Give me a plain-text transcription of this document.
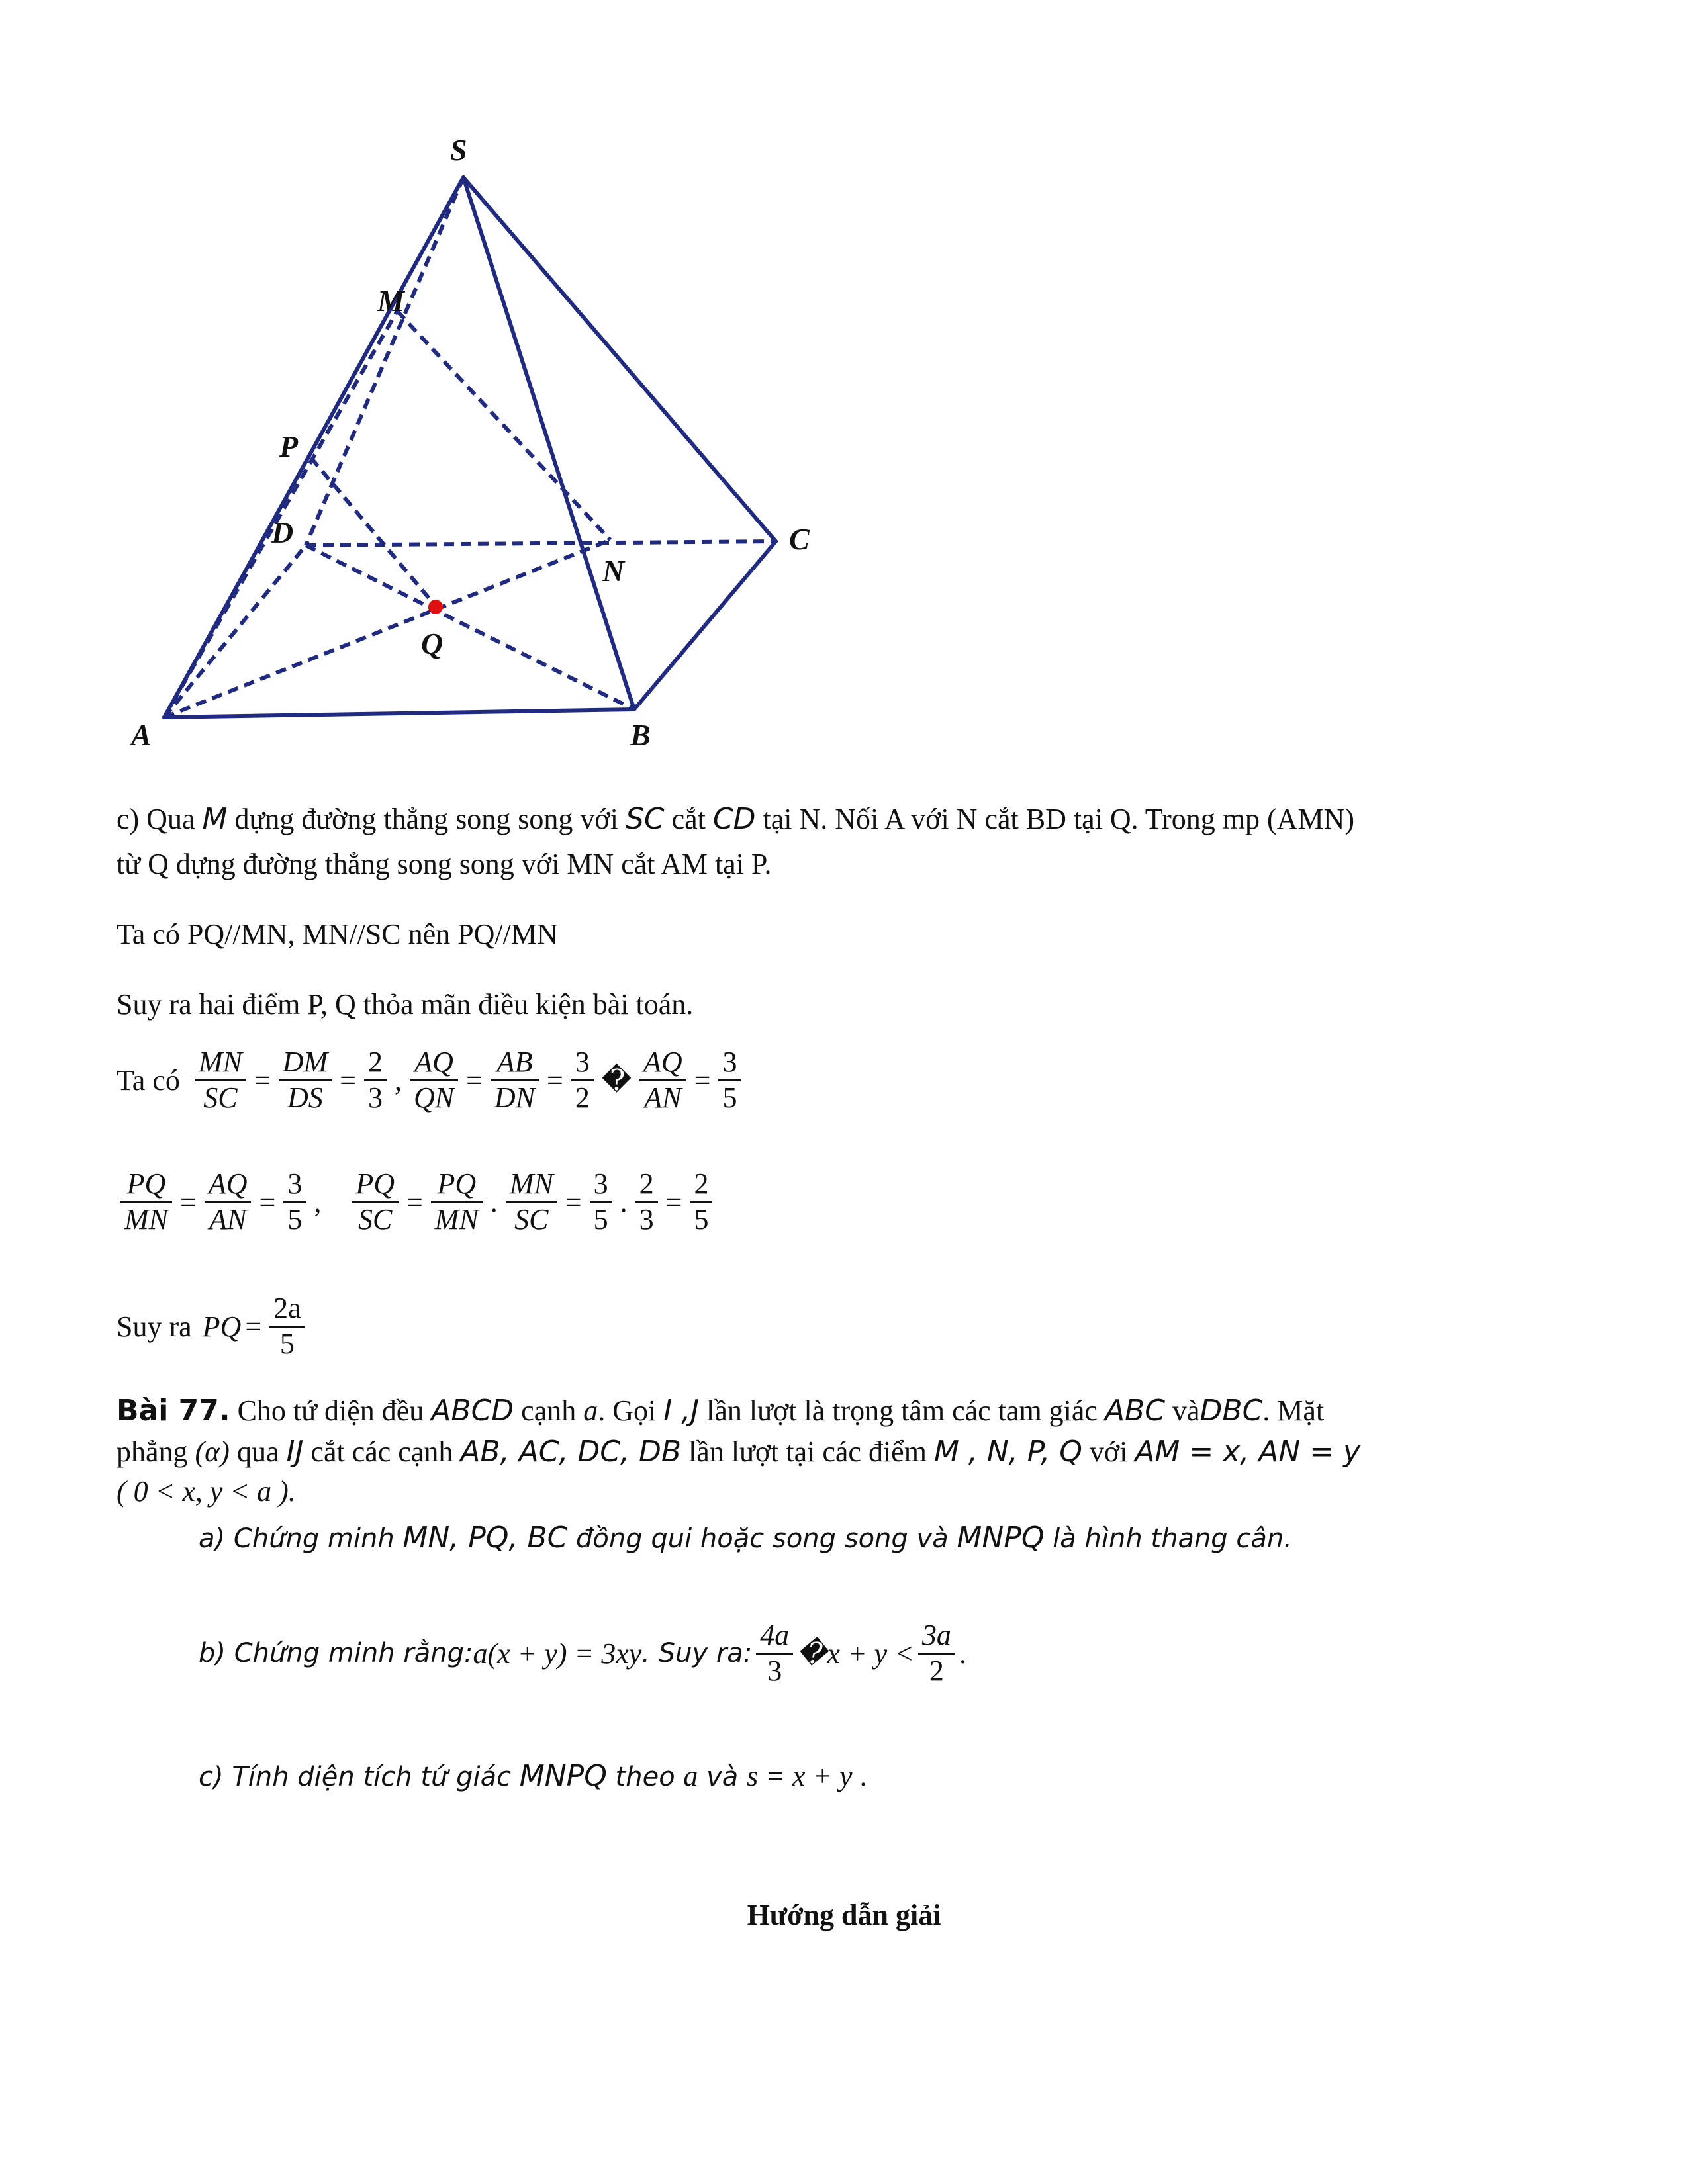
S
M
P
D
N
C
Q
A	B
c) Qua M dựng đường thẳng song song với SC cắt CD tại N. Nối A với N cắt BD tại Q. Trong mp (AMN)
từ Q dựng đường thẳng song song với MN cắt AM tại P.
Ta có PQ//MN, MN//SC nên PQ//MN
Suy ra hai điểm P, Q thỏa mãn điều kiện bài toán.
Ta có $\frac{MN}{SC} = \frac{DM}{DS} = \frac{2}{3}$ , $\frac{AQ}{QN} = \frac{AB}{DN} = \frac{3}{2}$ � $\frac{AQ}{AN} = \frac{3}{5}$
$\frac{PQ}{MN} = \frac{AQ}{AN} = \frac{3}{5}$ , $\frac{PQ}{SC} = \frac{PQ}{MN}$ . $\frac{MN}{SC} = \frac{3}{5}$ . $\frac{2}{3} = \frac{2}{5}$
Suy ra PQ = $\frac{2a}{5}$
Bài 77. Cho tứ diện đều ABCD cạnh a. Gọi I ,J lần lượt là trọng tâm các tam giác ABC vàDBC. Mặt
phẳng (α) qua IJ cắt các cạnh AB, AC, DC, DB lần lượt tại các điểm M , N, P, Q với AM = x, AN = y
( 0 < x, y < a ).
a) Chứng minh MN, PQ, BC đồng qui hoặc song song và MNPQ là hình thang cân.
b) Chứng minh rằng: a(x + y) = 3xy . Suy ra: $\frac{4a}{3}$ �x + $y < \frac{3a}{2}$ .
c) Tính diện tích tứ giác MNPQ theo a và s = x + y .
Hướng dẫn giải
